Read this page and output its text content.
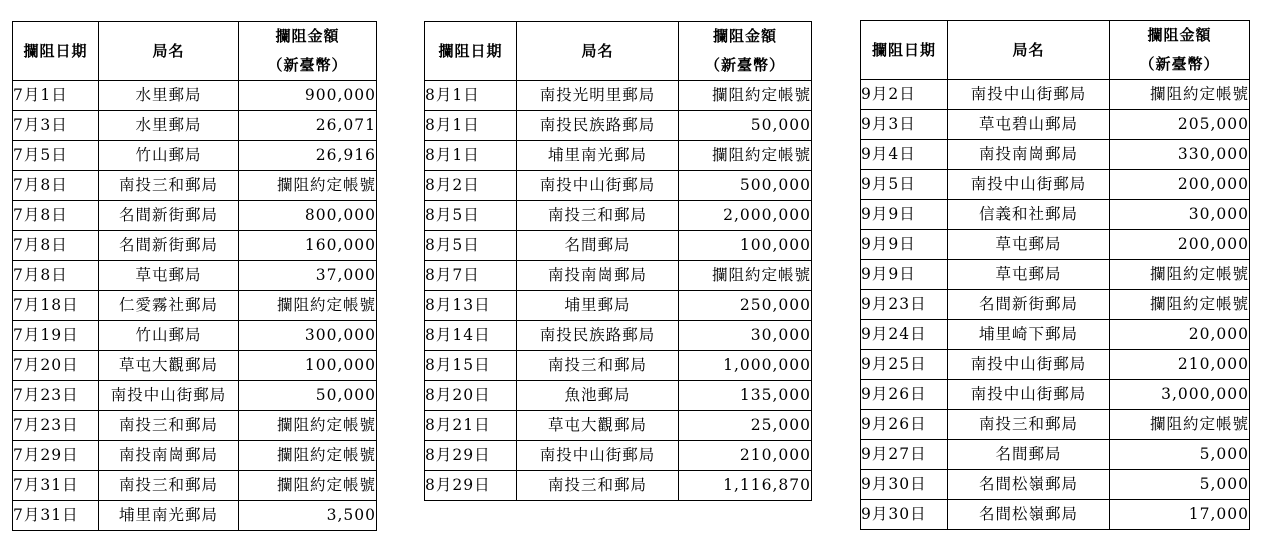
攔阻日期	局名	攔阻金額
（新臺幣）

7月1日	水里郵局	900,000
7月3日	水里郵局	26,071
7月5日	竹山郵局	26,916
7月8日	南投三和郵局	攔阻約定帳號
7月8日	名間新街郵局	800,000
7月8日	名間新街郵局	160,000
7月8日	草屯郵局	37,000
7月18日	仁愛霧社郵局	攔阻約定帳號
7月19日	竹山郵局	300,000
7月20日	草屯大觀郵局	100,000
7月23日	南投中山街郵局	50,000
7月23日	南投三和郵局	攔阻約定帳號
7月29日	南投南崗郵局	攔阻約定帳號
7月31日	南投三和郵局	攔阻約定帳號
7月31日	埔里南光郵局	3,500
攔阻日期	局名	攔阻金額
（新臺幣）

8月1日	南投光明里郵局	攔阻約定帳號
8月1日	南投民族路郵局	50,000
8月1日	埔里南光郵局	攔阻約定帳號
8月2日	南投中山街郵局	500,000
8月5日	南投三和郵局	2,000,000
8月5日	名間郵局	100,000
8月7日	南投南崗郵局	攔阻約定帳號
8月13日	埔里郵局	250,000
8月14日	南投民族路郵局	30,000
8月15日	南投三和郵局	1,000,000
8月20日	魚池郵局	135,000
8月21日	草屯大觀郵局	25,000
8月29日	南投中山街郵局	210,000
8月29日	南投三和郵局	1,116,870
攔阻日期	局名	攔阻金額
（新臺幣）

9月2日	南投中山街郵局	攔阻約定帳號
9月3日	草屯碧山郵局	205,000
9月4日	南投南崗郵局	330,000
9月5日	南投中山街郵局	200,000
9月9日	信義和社郵局	30,000
9月9日	草屯郵局	200,000
9月9日	草屯郵局	攔阻約定帳號
9月23日	名間新街郵局	攔阻約定帳號
9月24日	埔里崎下郵局	20,000
9月25日	南投中山街郵局	210,000
9月26日	南投中山街郵局	3,000,000
9月26日	南投三和郵局	攔阻約定帳號
9月27日	名間郵局	5,000
9月30日	名間松嶺郵局	5,000
9月30日	名間松嶺郵局	17,000
